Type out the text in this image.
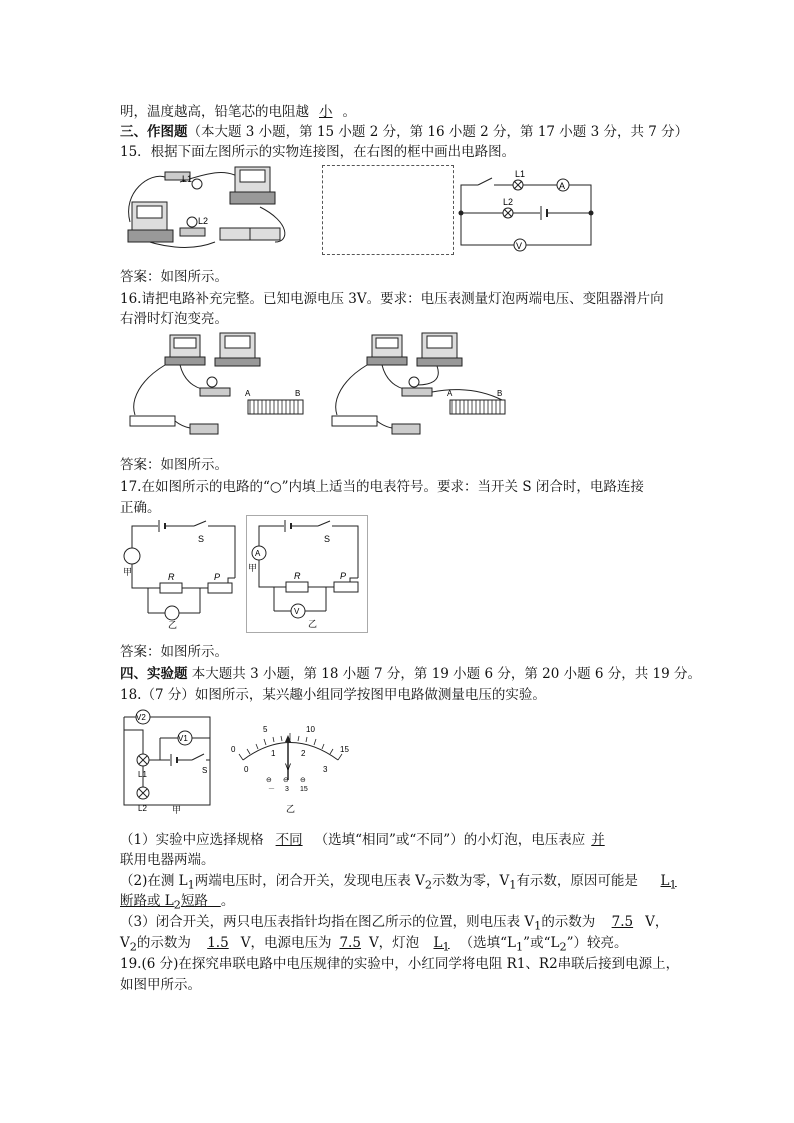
明，温度越高，铅笔芯的电阻越 小 。
三、作图题（本大题 3 小题，第 15 小题 2 分，第 16 小题 2 分，第 17 小题 3 分，共 7 分）
15．根据下面左图所示的实物连接图，在右图的框中画出电路图。
L1
L2
L1
A
L2
V
答案：如图所示。
16.请把电路补充完整。已知电源电压 3V。要求：电压表测量灯泡两端电压、变阻器滑片向
右滑时灯泡变亮。
A	B	A	B
答案：如图所示。
17.在如图所示的电路的“○”内填上适当的电表符号。要求：当开关 S 闭合时，电路连接
正确。
S
甲	R
乙
P
S
A
甲
R
V
乙
P
答案：如图所示。
四、实验题 本大题共 3 小题，第 18 小题 7 分，第 19 小题 6 分，第 20 小题 6 分，共 19 分。
18.（7 分）如图所示，某兴趣小组同学按图甲电路做测量电压的实验。
V2
L1
V1
S
L2	甲
0
5	10
15
0
1	2
3
V
⊖ ⊖ ⊖
－ 3 15
乙
（1）实验中应选择规格 不同 （选填“相同”或“不同”）的小灯泡，电压表应 并
联用电器两端。
（2)在测 $L_1$两端电压时，闭合开关，发现电压表 $V_2$示数为零，$V_1$有示数，原因可能是 $L_1$
断路或 $L_2$短路 。
（3）闭合开关，两只电压表指针均指在图乙所示的位置，则电压表 $V_1$的示数为 7.5 V，
$V_2$的示数为 1.5 V，电源电压为 7.5 V，灯泡 $L_1$ （选填“$L_1$”或“$L_2$”）较亮。
19.(6 分)在探究串联电路中电压规律的实验中，小红同学将电阻 R1、R2串联后接到电源上，
如图甲所示。
